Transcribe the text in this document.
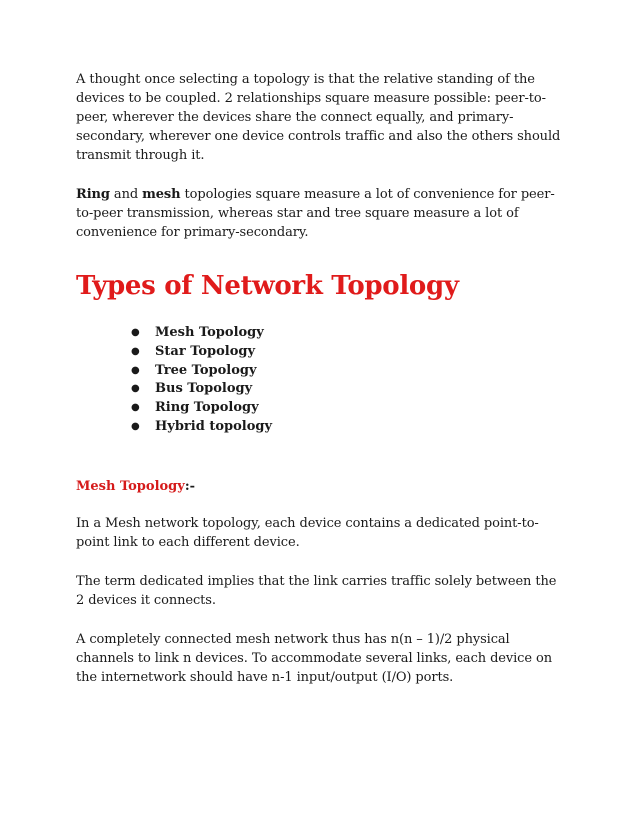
A thought once selecting a topology is that the relative standing of the devices to be coupled. 2 relationships square measure possible: peer-to-peer, wherever the devices share the connect equally, and primary-secondary, wherever one device controls traffic and also the others should transmit through it.

Ring and mesh topologies square measure a lot of convenience for peer-to-peer transmission, whereas star and tree square measure a lot of convenience for primary-secondary.

Types of Network Topology
● Mesh Topology
● Star Topology
● Tree Topology
● Bus Topology
● Ring Topology
● Hybrid topology
Mesh Topology:-

In a Mesh network topology, each device contains a dedicated point-to-point link to each different device.

The term dedicated implies that the link carries traffic solely between the 2 devices it connects.

A completely connected mesh network thus has n(n – 1)/2 physical channels to link n devices. To accommodate several links, each device on the internetwork should have n-1 input/output (I/O) ports.
